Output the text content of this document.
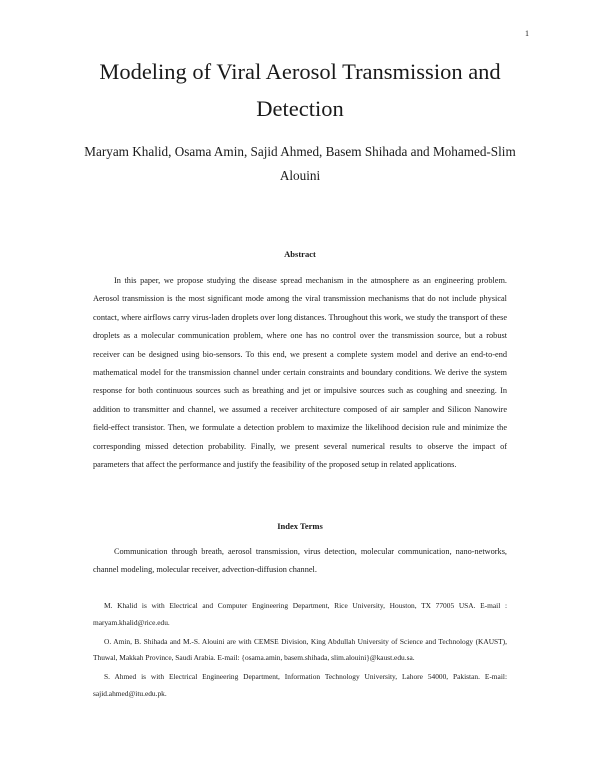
1
Modeling of Viral Aerosol Transmission and Detection
Maryam Khalid, Osama Amin, Sajid Ahmed, Basem Shihada and Mohamed-Slim Alouini
Abstract

In this paper, we propose studying the disease spread mechanism in the atmosphere as an engineering problem. Aerosol transmission is the most significant mode among the viral transmission mechanisms that do not include physical contact, where airflows carry virus-laden droplets over long distances. Throughout this work, we study the transport of these droplets as a molecular communication problem, where one has no control over the transmission source, but a robust receiver can be designed using bio-sensors. To this end, we present a complete system model and derive an end-to-end mathematical model for the transmission channel under certain constraints and boundary conditions. We derive the system response for both continuous sources such as breathing and jet or impulsive sources such as coughing and sneezing. In addition to transmitter and channel, we assumed a receiver architecture composed of air sampler and Silicon Nanowire field-effect transistor. Then, we formulate a detection problem to maximize the likelihood decision rule and minimize the corresponding missed detection probability. Finally, we present several numerical results to observe the impact of parameters that affect the performance and justify the feasibility of the proposed setup in related applications.

Index Terms

Communication through breath, aerosol transmission, virus detection, molecular communication, nano-networks, channel modeling, molecular receiver, advection-diffusion channel.

M. Khalid is with Electrical and Computer Engineering Department, Rice University, Houston, TX 77005 USA. E-mail : maryam.khalid@rice.edu.

O. Amin, B. Shihada and M.-S. Alouini are with CEMSE Division, King Abdullah University of Science and Technology (KAUST), Thuwal, Makkah Province, Saudi Arabia. E-mail: {osama.amin, basem.shihada, slim.alouini}@kaust.edu.sa.

S. Ahmed is with Electrical Engineering Department, Information Technology University, Lahore 54000, Pakistan. E-mail: sajid.ahmed@itu.edu.pk.
